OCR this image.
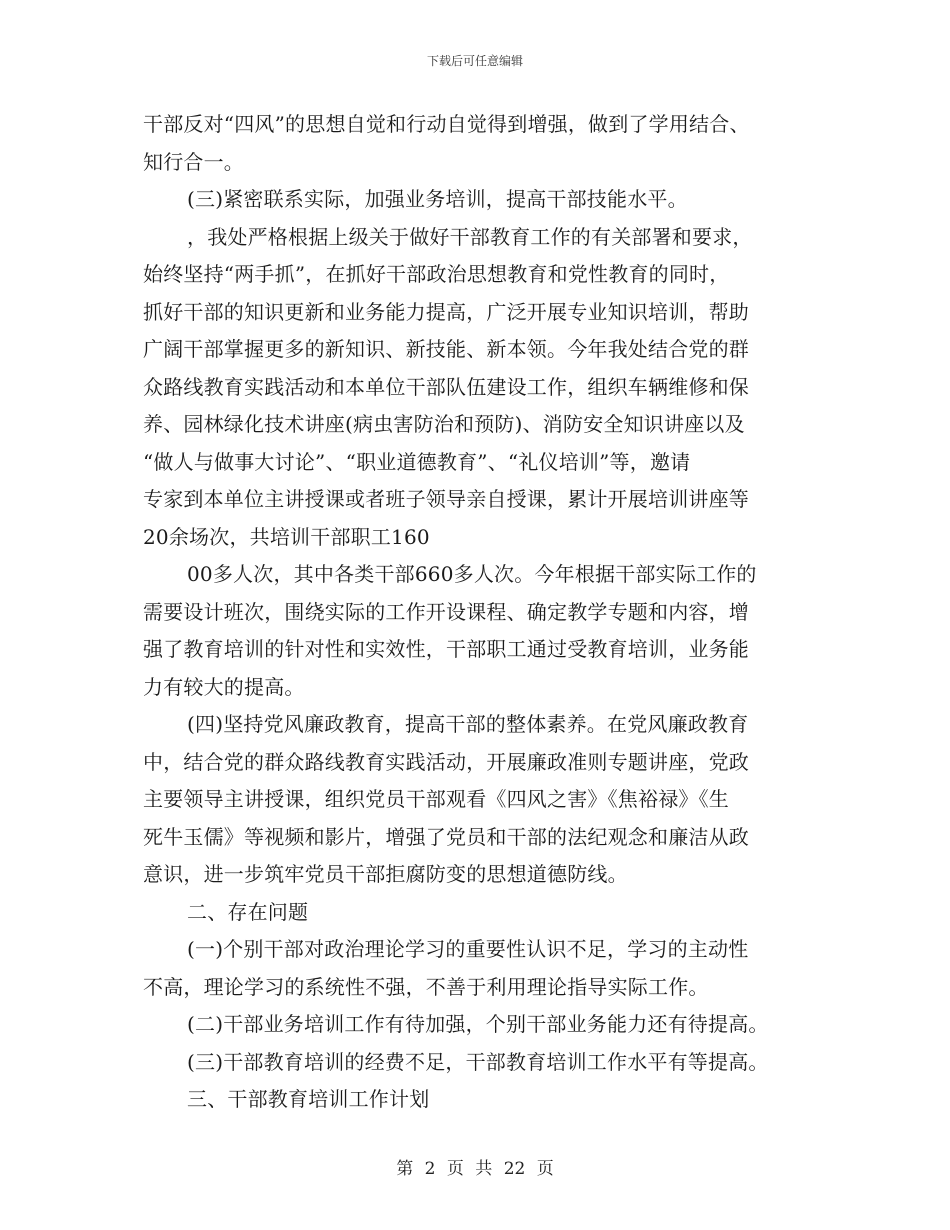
下载后可任意编辑
干部反对“四风”的思想自觉和行动自觉得到增强，做到了学用结合、
知行合一。
(三)紧密联系实际，加强业务培训，提高干部技能水平。
，我处严格根据上级关于做好干部教育工作的有关部署和要求，
始终坚持“两手抓”，在抓好干部政治思想教育和党性教育的同时，
抓好干部的知识更新和业务能力提高，广泛开展专业知识培训，帮助
广阔干部掌握更多的新知识、新技能、新本领。今年我处结合党的群
众路线教育实践活动和本单位干部队伍建设工作，组织车辆维修和保
养、园林绿化技术讲座(病虫害防治和预防)、消防安全知识讲座以及
“做人与做事大讨论”、“职业道德教育”、“礼仪培训”等，邀请
专家到本单位主讲授课或者班子领导亲自授课，累计开展培训讲座等
20余场次，共培训干部职工160
00多人次，其中各类干部660多人次。今年根据干部实际工作的
需要设计班次，围绕实际的工作开设课程、确定教学专题和内容，增
强了教育培训的针对性和实效性，干部职工通过受教育培训，业务能
力有较大的提高。
(四)坚持党风廉政教育，提高干部的整体素养。在党风廉政教育
中，结合党的群众路线教育实践活动，开展廉政准则专题讲座，党政
主要领导主讲授课，组织党员干部观看《四风之害》《焦裕禄》《生
死牛玉儒》等视频和影片，增强了党员和干部的法纪观念和廉洁从政
意识，进一步筑牢党员干部拒腐防变的思想道德防线。
二、存在问题
(一)个别干部对政治理论学习的重要性认识不足，学习的主动性
不高，理论学习的系统性不强，不善于利用理论指导实际工作。
(二)干部业务培训工作有待加强，个别干部业务能力还有待提高。
(三)干部教育培训的经费不足，干部教育培训工作水平有等提高。
三、干部教育培训工作计划
第 2 页 共 22 页
